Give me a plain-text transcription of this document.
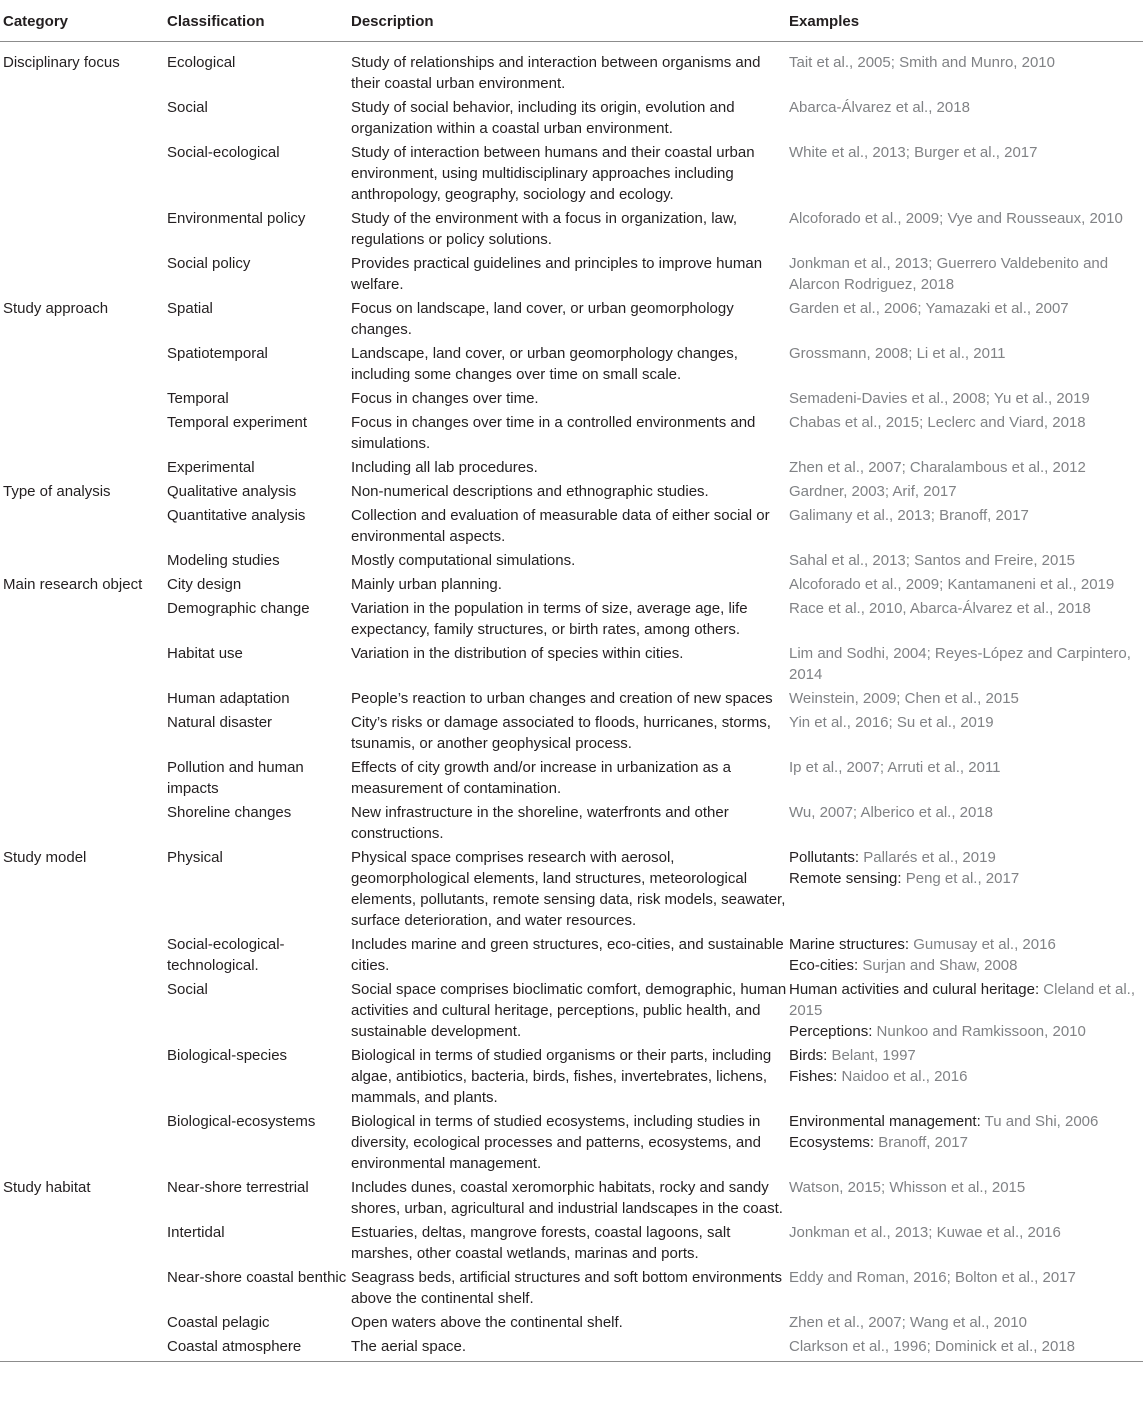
Category	Classification	Description	Examples
Disciplinary focus	Ecological	Study of relationships and interaction between organisms and their coastal urban environment.	Tait et al., 2005; Smith and Munro, 2010

	Social	Study of social behavior, including its origin, evolution and organization within a coastal urban environment.	Abarca-Álvarez et al., 2018

	Social-ecological	Study of interaction between humans and their coastal urban environment, using multidisciplinary approaches including anthropology, geography, sociology and ecology.	White et al., 2013; Burger et al., 2017

	Environmental policy	Study of the environment with a focus in organization, law, regulations or policy solutions.	Alcoforado et al., 2009; Vye and Rousseaux, 2010

	Social policy	Provides practical guidelines and principles to improve human welfare.	Jonkman et al., 2013; Guerrero Valdebenito and Alarcon Rodriguez, 2018

Study approach	Spatial	Focus on landscape, land cover, or urban geomorphology changes.	Garden et al., 2006; Yamazaki et al., 2007

	Spatiotemporal	Landscape, land cover, or urban geomorphology changes, including some changes over time on small scale.	Grossmann, 2008; Li et al., 2011

	Temporal	Focus in changes over time.	Semadeni-Davies et al., 2008; Yu et al., 2019

	Temporal experiment	Focus in changes over time in a controlled environments and simulations.	Chabas et al., 2015; Leclerc and Viard, 2018

	Experimental	Including all lab procedures.	Zhen et al., 2007; Charalambous et al., 2012

Type of analysis	Qualitative analysis	Non-numerical descriptions and ethnographic studies.	Gardner, 2003; Arif, 2017

	Quantitative analysis	Collection and evaluation of measurable data of either social or environmental aspects.	Galimany et al., 2013; Branoff, 2017

	Modeling studies	Mostly computational simulations.	Sahal et al., 2013; Santos and Freire, 2015

Main research object	City design	Mainly urban planning.	Alcoforado et al., 2009; Kantamaneni et al., 2019

	Demographic change	Variation in the population in terms of size, average age, life expectancy, family structures, or birth rates, among others.	Race et al., 2010, Abarca-Álvarez et al., 2018

	Habitat use	Variation in the distribution of species within cities.	Lim and Sodhi, 2004; Reyes-López and Carpintero, 2014

	Human adaptation	People’s reaction to urban changes and creation of new spaces	Weinstein, 2009; Chen et al., 2015

	Natural disaster	City’s risks or damage associated to floods, hurricanes, storms, tsunamis, or another geophysical process.	Yin et al., 2016; Su et al., 2019

	Pollution and human impacts	Effects of city growth and/or increase in urbanization as a measurement of contamination.	Ip et al., 2007; Arruti et al., 2011

	Shoreline changes	New infrastructure in the shoreline, waterfronts and other constructions.	Wu, 2007; Alberico et al., 2018

Study model	Physical	Physical space comprises research with aerosol, geomorphological elements, land structures, meteorological elements, pollutants, remote sensing data, risk models, seawater, surface deterioration, and water resources.	Pollutants: Pallarés et al., 2019
Remote sensing: Peng et al., 2017

	Social-ecological-technological.	Includes marine and green structures, eco-cities, and sustainable cities.	Marine structures: Gumusay et al., 2016
Eco-cities: Surjan and Shaw, 2008

	Social	Social space comprises bioclimatic comfort, demographic, human activities and cultural heritage, perceptions, public health, and sustainable development.	Human activities and culural heritage: Cleland et al., 2015
Perceptions: Nunkoo and Ramkissoon, 2010

	Biological-species	Biological in terms of studied organisms or their parts, including algae, antibiotics, bacteria, birds, fishes, invertebrates, lichens, mammals, and plants.	Birds: Belant, 1997
Fishes: Naidoo et al., 2016

	Biological-ecosystems	Biological in terms of studied ecosystems, including studies in diversity, ecological processes and patterns, ecosystems, and environmental management.	Environmental management: Tu and Shi, 2006
Ecosystems: Branoff, 2017

Study habitat	Near-shore terrestrial	Includes dunes, coastal xeromorphic habitats, rocky and sandy shores, urban, agricultural and industrial landscapes in the coast.	Watson, 2015; Whisson et al., 2015

	Intertidal	Estuaries, deltas, mangrove forests, coastal lagoons, salt marshes, other coastal wetlands, marinas and ports.	Jonkman et al., 2013; Kuwae et al., 2016

	Near-shore coastal benthic	Seagrass beds, artificial structures and soft bottom environments above the continental shelf.	Eddy and Roman, 2016; Bolton et al., 2017

	Coastal pelagic	Open waters above the continental shelf.	Zhen et al., 2007; Wang et al., 2010

	Coastal atmosphere	The aerial space.	Clarkson et al., 1996; Dominick et al., 2018
